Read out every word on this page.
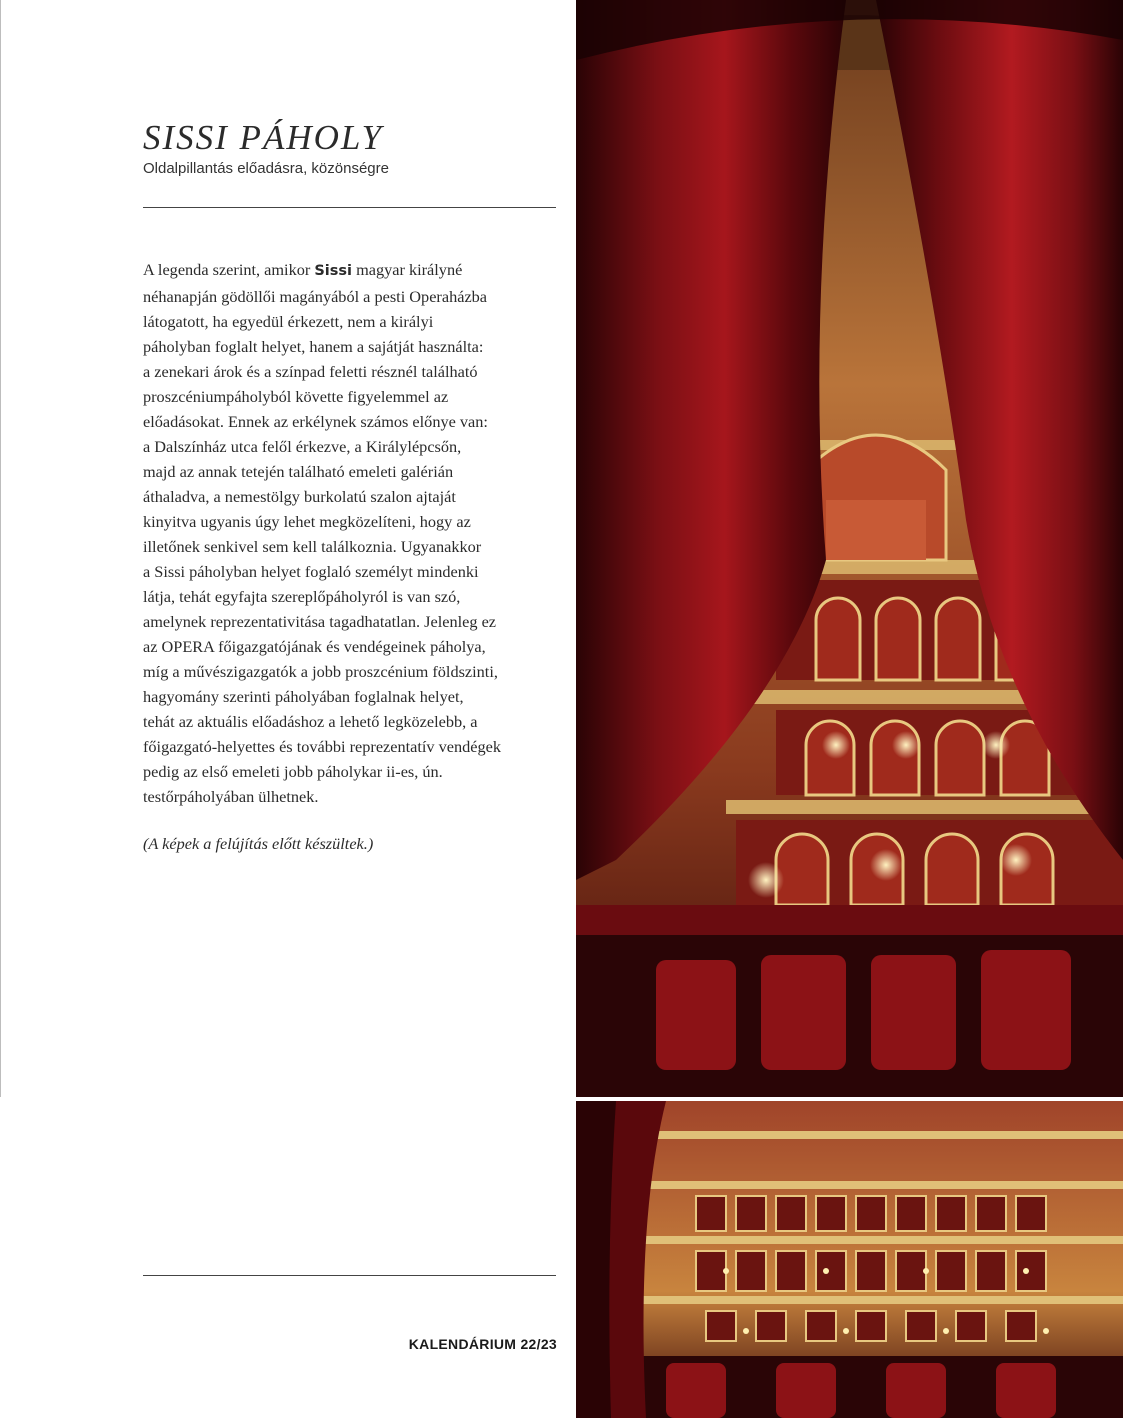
SISSI PÁHOLY

Oldalpillantás előadásra, közönségre

A legenda szerint, amikor Sissi magyar királyné
néhanapján gödöllői magányából a pesti Operaházba
látogatott, ha egyedül érkezett, nem a királyi
páholyban foglalt helyet, hanem a sajátját használta:
a zenekari árok és a színpad feletti résznél található
proszcéniumpáholyból követte figyelemmel az
előadásokat. Ennek az erkélynek számos előnye van:
a Dalszínház utca felől érkezve, a Királylépcsőn,
majd az annak tetején található emeleti galérián
áthaladva, a nemestölgy burkolatú szalon ajtaját
kinyitva ugyanis úgy lehet megközelíteni, hogy az
illetőnek senkivel sem kell találkoznia. Ugyanakkor
a Sissi páholyban helyet foglaló személyt mindenki
látja, tehát egyfajta szereplőpáholyról is van szó,
amelynek reprezentativitása tagadhatatlan. Jelenleg ez
az OPERA főigazgatójának és vendégeinek páholya,
míg a művészigazgatók a jobb proszcénium földszinti,
hagyomány szerinti páholyában foglalnak helyet,
tehát az aktuális előadáshoz a lehető legközelebb, a
főigazgató-helyettes és további reprezentatív vendégek
pedig az első emeleti jobb páholykar ii-es, ún.
testőrpáholyában ülhetnek.

(A képek a felújítás előtt készültek.)

KALENDÁRIUM 22/23
